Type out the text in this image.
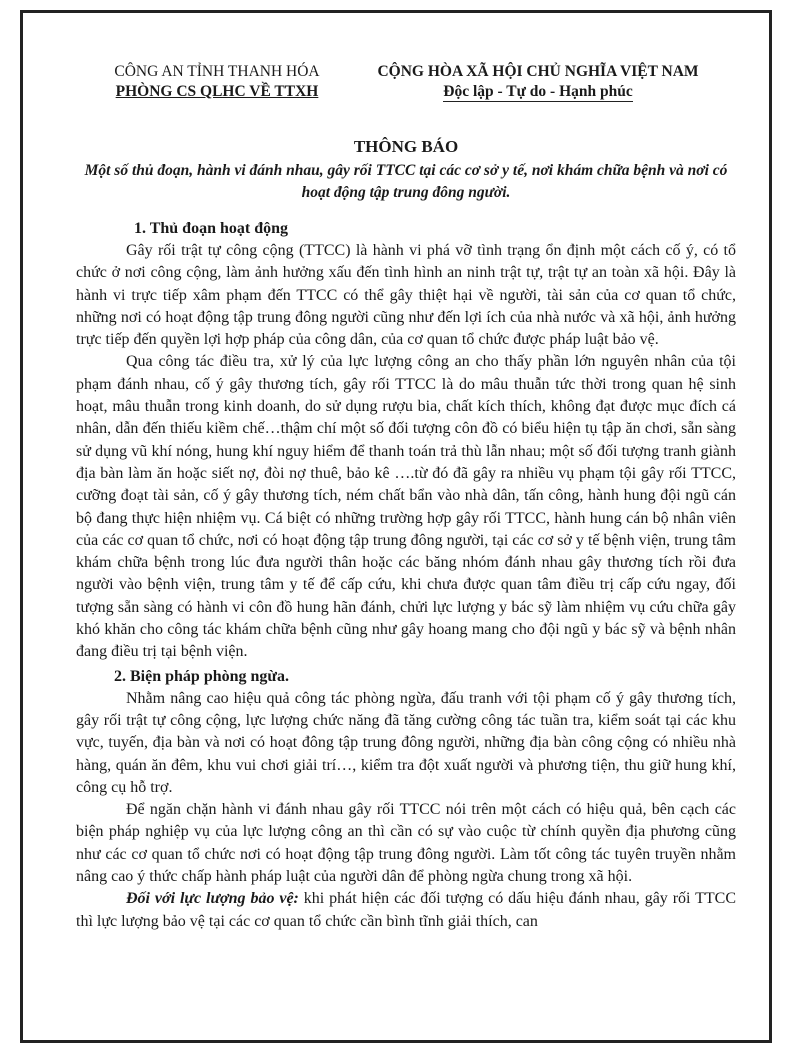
CÔNG AN TỈNH THANH HÓA
PHÒNG CS QLHC VỀ TTXH
CỘNG HÒA XÃ HỘI CHỦ NGHĨA VIỆT NAM
Độc lập - Tự do - Hạnh phúc
THÔNG BÁO
Một số thủ đoạn, hành vi đánh nhau, gây rối TTCC tại các cơ sở y tế, nơi khám chữa bệnh và nơi có hoạt động tập trung đông người.
1. Thủ đoạn hoạt động

Gây rối trật tự công cộng (TTCC) là hành vi phá vỡ tình trạng ổn định một cách cố ý, có tổ chức ở nơi công cộng, làm ảnh hưởng xấu đến tình hình an ninh trật tự, trật tự an toàn xã hội. Đây là hành vi trực tiếp xâm phạm đến TTCC có thể gây thiệt hại về người, tài sản của cơ quan tổ chức, những nơi có hoạt động tập trung đông người cũng như đến lợi ích của nhà nước và xã hội, ảnh hưởng trực tiếp đến quyền lợi hợp pháp của công dân, của cơ quan tổ chức được pháp luật bảo vệ.

Qua công tác điều tra, xử lý của lực lượng công an cho thấy phần lớn nguyên nhân của tội phạm đánh nhau, cố ý gây thương tích, gây rối TTCC là do mâu thuẫn tức thời trong quan hệ sinh hoạt, mâu thuẫn trong kinh doanh, do sử dụng rượu bia, chất kích thích, không đạt được mục đích cá nhân, dẫn đến thiếu kiềm chế…thậm chí một số đối tượng côn đồ có biểu hiện tụ tập ăn chơi, sẵn sàng sử dụng vũ khí nóng, hung khí nguy hiểm để thanh toán trả thù lẫn nhau; một số đối tượng tranh giành địa bàn làm ăn hoặc siết nợ, đòi nợ thuê, bảo kê ….từ đó đã gây ra nhiều vụ phạm tội gây rối TTCC, cưỡng đoạt tài sản, cố ý gây thương tích, ném chất bẩn vào nhà dân, tấn công, hành hung đội ngũ cán bộ đang thực hiện nhiệm vụ. Cá biệt có những trường hợp gây rối TTCC, hành hung cán bộ nhân viên của các cơ quan tổ chức, nơi có hoạt động tập trung đông người, tại các cơ sở y tế bệnh viện, trung tâm khám chữa bệnh trong lúc đưa người thân hoặc các băng nhóm đánh nhau gây thương tích rồi đưa người vào bệnh viện, trung tâm y tế để cấp cứu, khi chưa được quan tâm điều trị cấp cứu ngay, đối tượng sẵn sàng có hành vi côn đồ hung hãn đánh, chửi lực lượng y bác sỹ làm nhiệm vụ cứu chữa gây khó khăn cho công tác khám chữa bệnh cũng như gây hoang mang cho đội ngũ y bác sỹ và bệnh nhân đang điều trị tại bệnh viện.

2. Biện pháp phòng ngừa.

Nhằm nâng cao hiệu quả công tác phòng ngừa, đấu tranh với tội phạm cố ý gây thương tích, gây rối trật tự công cộng, lực lượng chức năng đã tăng cường công tác tuần tra, kiểm soát tại các khu vực, tuyến, địa bàn và nơi có hoạt đông tập trung đông người, những địa bàn công cộng có nhiều nhà hàng, quán ăn đêm, khu vui chơi giải trí…, kiểm tra đột xuất người và phương tiện, thu giữ hung khí, công cụ hỗ trợ.

Để ngăn chặn hành vi đánh nhau gây rối TTCC nói trên một cách có hiệu quả, bên cạch các biện pháp nghiệp vụ của lực lượng công an thì cần có sự vào cuộc từ chính quyền địa phương cũng như các cơ quan tổ chức nơi có hoạt động tập trung đông người. Làm tốt công tác tuyên truyền nhằm nâng cao ý thức chấp hành pháp luật của người dân để phòng ngừa chung trong xã hội.

Đối với lực lượng bảo vệ: khi phát hiện các đối tượng có dấu hiệu đánh nhau, gây rối TTCC thì lực lượng bảo vệ tại các cơ quan tổ chức cần bình tĩnh giải thích, can
